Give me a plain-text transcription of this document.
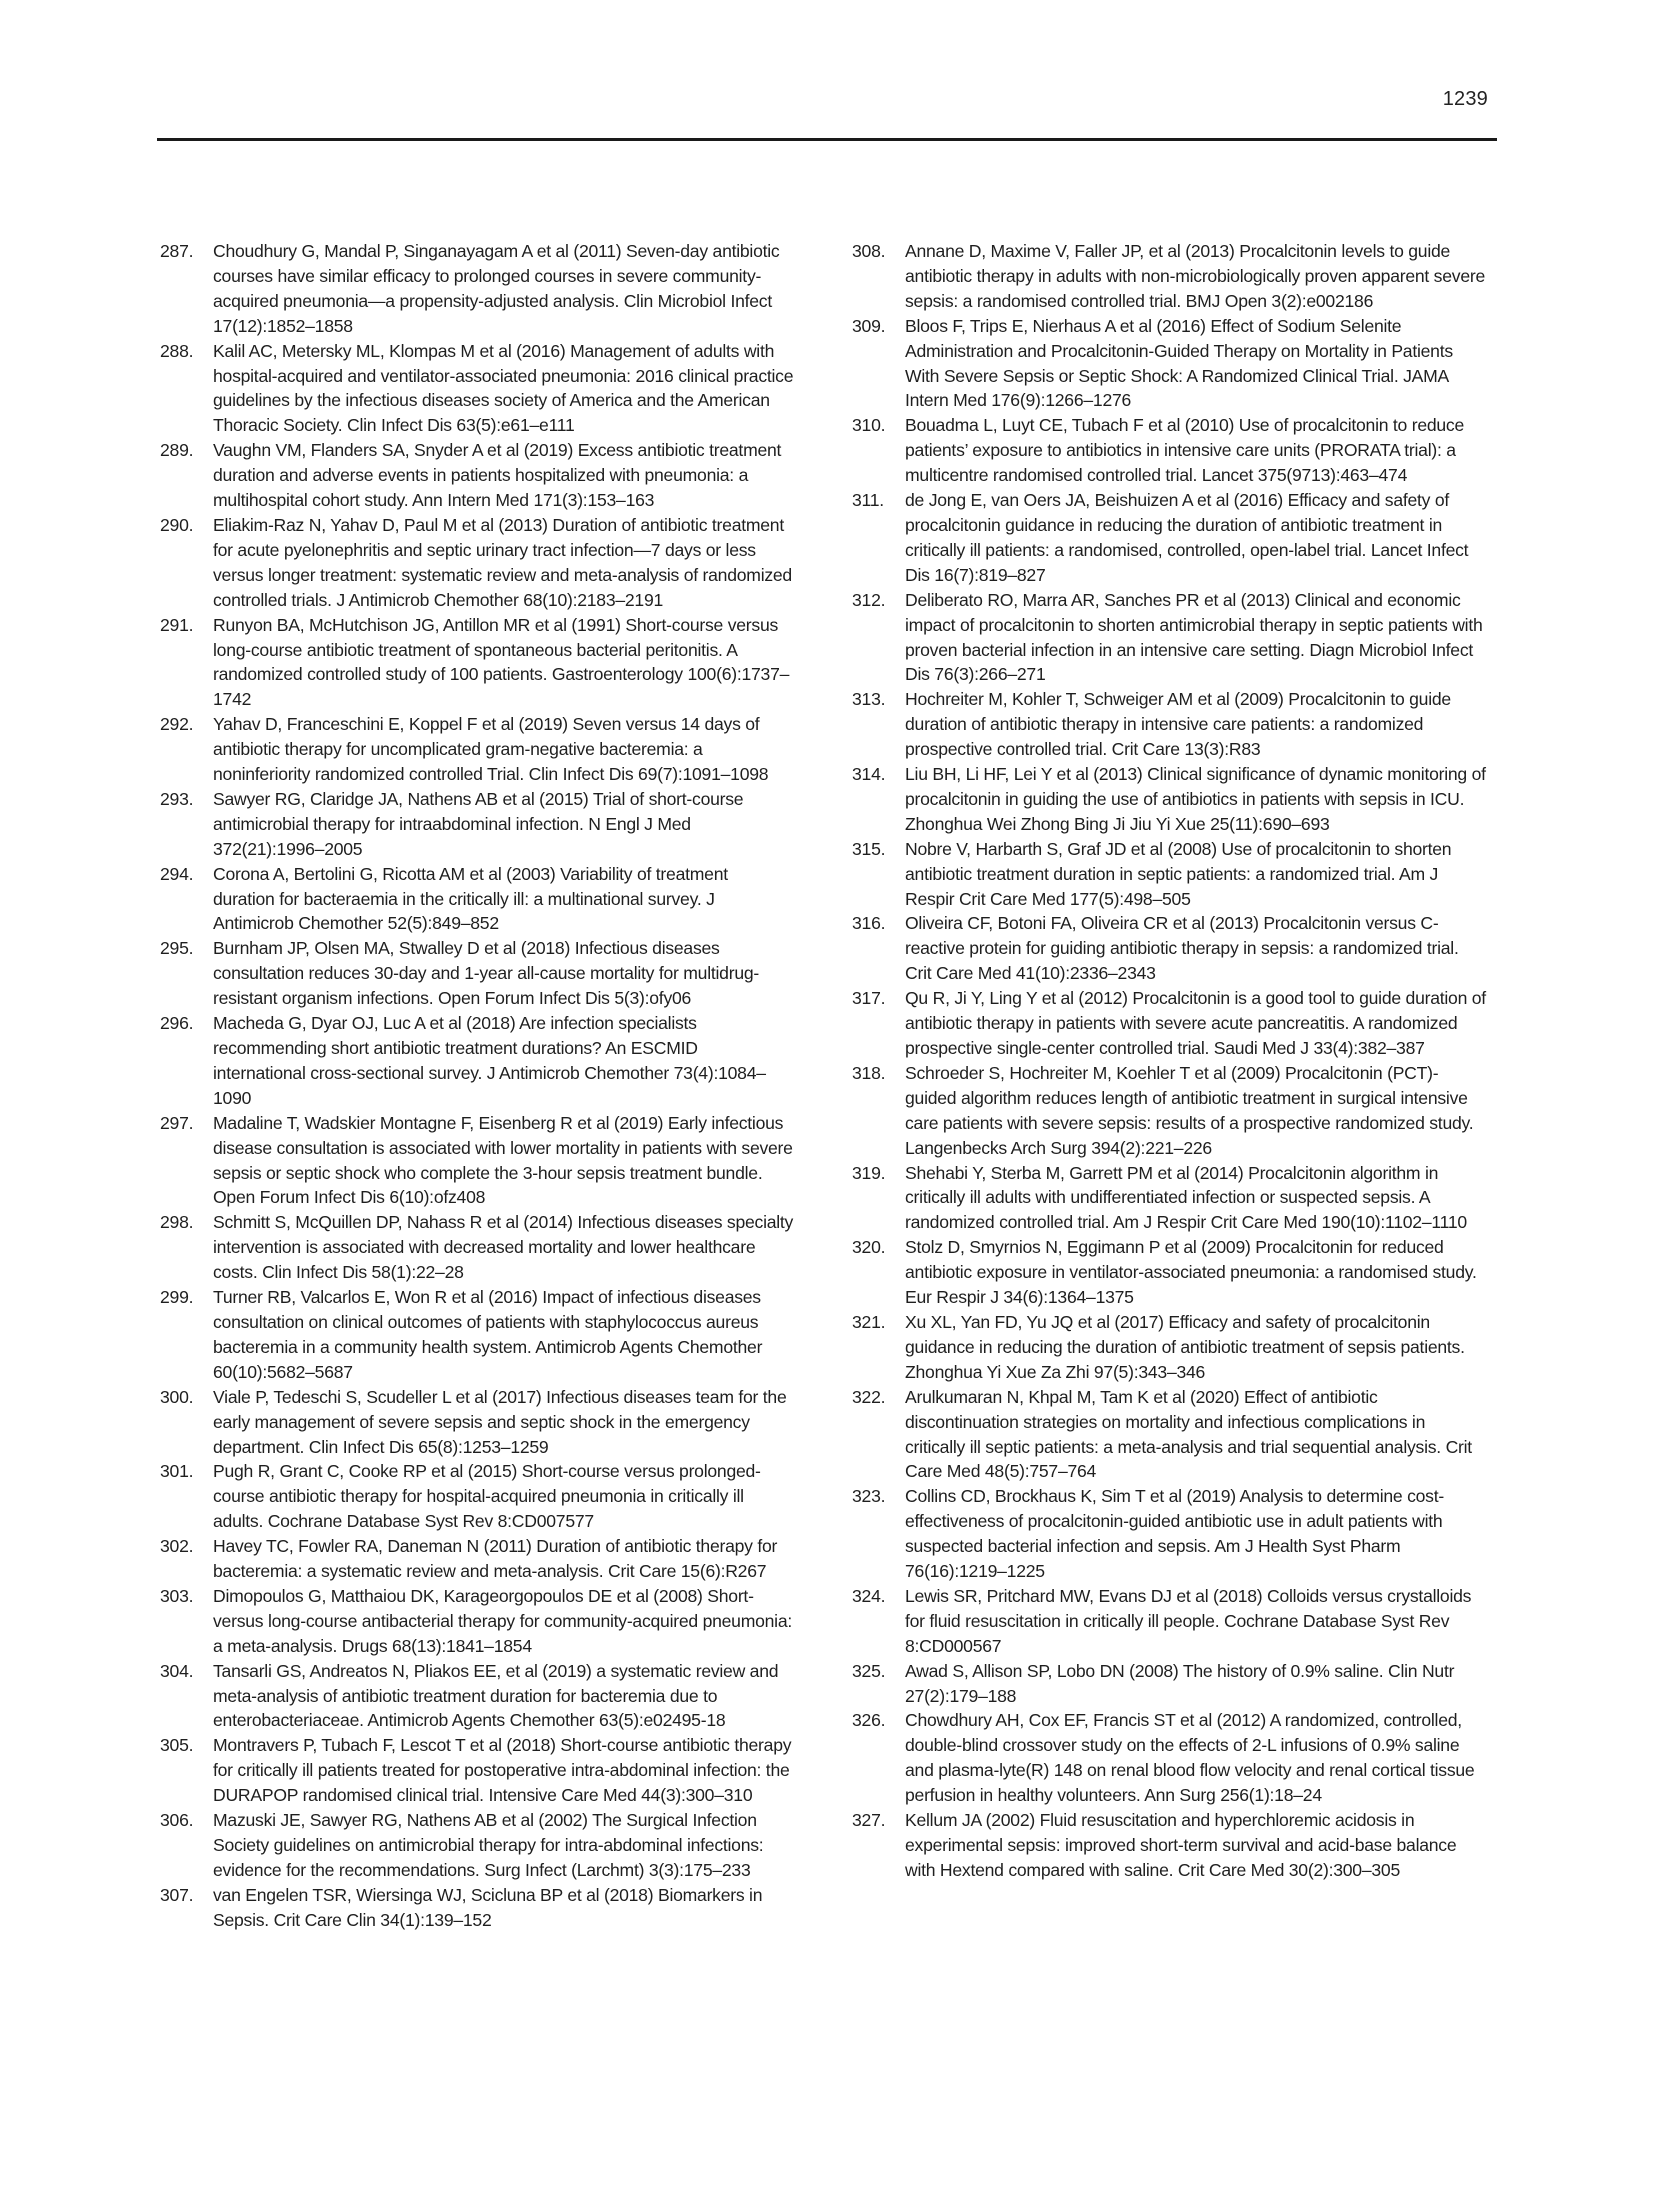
1239
287.	Choudhury G, Mandal P, Singanayagam A et al (2011) Seven-day antibiotic courses have similar efficacy to prolonged courses in severe community-acquired pneumonia—a propensity-adjusted analysis. Clin Microbiol Infect 17(12):1852–1858
288.	Kalil AC, Metersky ML, Klompas M et al (2016) Management of adults with hospital-acquired and ventilator-associated pneumonia: 2016 clinical practice guidelines by the infectious diseases society of America and the American Thoracic Society. Clin Infect Dis 63(5):e61–e111
289.	Vaughn VM, Flanders SA, Snyder A et al (2019) Excess antibiotic treatment duration and adverse events in patients hospitalized with pneumonia: a multihospital cohort study. Ann Intern Med 171(3):153–163
290.	Eliakim-Raz N, Yahav D, Paul M et al (2013) Duration of antibiotic treatment for acute pyelonephritis and septic urinary tract infection—7 days or less versus longer treatment: systematic review and meta-analysis of randomized controlled trials. J Antimicrob Chemother 68(10):2183–2191
291.	Runyon BA, McHutchison JG, Antillon MR et al (1991) Short-course versus long-course antibiotic treatment of spontaneous bacterial peritonitis. A randomized controlled study of 100 patients. Gastroenterology 100(6):1737–1742
292.	Yahav D, Franceschini E, Koppel F et al (2019) Seven versus 14 days of antibiotic therapy for uncomplicated gram-negative bacteremia: a noninferiority randomized controlled Trial. Clin Infect Dis 69(7):1091–1098
293.	Sawyer RG, Claridge JA, Nathens AB et al (2015) Trial of short-course antimicrobial therapy for intraabdominal infection. N Engl J Med 372(21):1996–2005
294.	Corona A, Bertolini G, Ricotta AM et al (2003) Variability of treatment duration for bacteraemia in the critically ill: a multinational survey. J Antimicrob Chemother 52(5):849–852
295.	Burnham JP, Olsen MA, Stwalley D et al (2018) Infectious diseases consultation reduces 30-day and 1-year all-cause mortality for multidrug-resistant organism infections. Open Forum Infect Dis 5(3):ofy06
296.	Macheda G, Dyar OJ, Luc A et al (2018) Are infection specialists recommending short antibiotic treatment durations? An ESCMID international cross-sectional survey. J Antimicrob Chemother 73(4):1084–1090
297.	Madaline T, Wadskier Montagne F, Eisenberg R et al (2019) Early infectious disease consultation is associated with lower mortality in patients with severe sepsis or septic shock who complete the 3-hour sepsis treatment bundle. Open Forum Infect Dis 6(10):ofz408
298.	Schmitt S, McQuillen DP, Nahass R et al (2014) Infectious diseases specialty intervention is associated with decreased mortality and lower healthcare costs. Clin Infect Dis 58(1):22–28
299.	Turner RB, Valcarlos E, Won R et al (2016) Impact of infectious diseases consultation on clinical outcomes of patients with staphylococcus aureus bacteremia in a community health system. Antimicrob Agents Chemother 60(10):5682–5687
300.	Viale P, Tedeschi S, Scudeller L et al (2017) Infectious diseases team for the early management of severe sepsis and septic shock in the emergency department. Clin Infect Dis 65(8):1253–1259
301.	Pugh R, Grant C, Cooke RP et al (2015) Short-course versus prolonged-course antibiotic therapy for hospital-acquired pneumonia in critically ill adults. Cochrane Database Syst Rev 8:CD007577
302.	Havey TC, Fowler RA, Daneman N (2011) Duration of antibiotic therapy for bacteremia: a systematic review and meta-analysis. Crit Care 15(6):R267
303.	Dimopoulos G, Matthaiou DK, Karageorgopoulos DE et al (2008) Short- versus long-course antibacterial therapy for community-acquired pneumonia: a meta-analysis. Drugs 68(13):1841–1854
304.	Tansarli GS, Andreatos N, Pliakos EE, et al (2019) a systematic review and meta-analysis of antibiotic treatment duration for bacteremia due to enterobacteriaceae. Antimicrob Agents Chemother 63(5):e02495-18
305.	Montravers P, Tubach F, Lescot T et al (2018) Short-course antibiotic therapy for critically ill patients treated for postoperative intra-abdominal infection: the DURAPOP randomised clinical trial. Intensive Care Med 44(3):300–310
306.	Mazuski JE, Sawyer RG, Nathens AB et al (2002) The Surgical Infection Society guidelines on antimicrobial therapy for intra-abdominal infections: evidence for the recommendations. Surg Infect (Larchmt) 3(3):175–233
307.	van Engelen TSR, Wiersinga WJ, Scicluna BP et al (2018) Biomarkers in Sepsis. Crit Care Clin 34(1):139–152
308.	Annane D, Maxime V, Faller JP, et al (2013) Procalcitonin levels to guide antibiotic therapy in adults with non-microbiologically proven apparent severe sepsis: a randomised controlled trial. BMJ Open 3(2):e002186
309.	Bloos F, Trips E, Nierhaus A et al (2016) Effect of Sodium Selenite Administration and Procalcitonin-Guided Therapy on Mortality in Patients With Severe Sepsis or Septic Shock: A Randomized Clinical Trial. JAMA Intern Med 176(9):1266–1276
310.	Bouadma L, Luyt CE, Tubach F et al (2010) Use of procalcitonin to reduce patients’ exposure to antibiotics in intensive care units (PRORATA trial): a multicentre randomised controlled trial. Lancet 375(9713):463–474
311.	de Jong E, van Oers JA, Beishuizen A et al (2016) Efficacy and safety of procalcitonin guidance in reducing the duration of antibiotic treatment in critically ill patients: a randomised, controlled, open-label trial. Lancet Infect Dis 16(7):819–827
312.	Deliberato RO, Marra AR, Sanches PR et al (2013) Clinical and economic impact of procalcitonin to shorten antimicrobial therapy in septic patients with proven bacterial infection in an intensive care setting. Diagn Microbiol Infect Dis 76(3):266–271
313.	Hochreiter M, Kohler T, Schweiger AM et al (2009) Procalcitonin to guide duration of antibiotic therapy in intensive care patients: a randomized prospective controlled trial. Crit Care 13(3):R83
314.	Liu BH, Li HF, Lei Y et al (2013) Clinical significance of dynamic monitoring of procalcitonin in guiding the use of antibiotics in patients with sepsis in ICU. Zhonghua Wei Zhong Bing Ji Jiu Yi Xue 25(11):690–693
315.	Nobre V, Harbarth S, Graf JD et al (2008) Use of procalcitonin to shorten antibiotic treatment duration in septic patients: a randomized trial. Am J Respir Crit Care Med 177(5):498–505
316.	Oliveira CF, Botoni FA, Oliveira CR et al (2013) Procalcitonin versus C-reactive protein for guiding antibiotic therapy in sepsis: a randomized trial. Crit Care Med 41(10):2336–2343
317.	Qu R, Ji Y, Ling Y et al (2012) Procalcitonin is a good tool to guide duration of antibiotic therapy in patients with severe acute pancreatitis. A randomized prospective single-center controlled trial. Saudi Med J 33(4):382–387
318.	Schroeder S, Hochreiter M, Koehler T et al (2009) Procalcitonin (PCT)-guided algorithm reduces length of antibiotic treatment in surgical intensive care patients with severe sepsis: results of a prospective randomized study. Langenbecks Arch Surg 394(2):221–226
319.	Shehabi Y, Sterba M, Garrett PM et al (2014) Procalcitonin algorithm in critically ill adults with undifferentiated infection or suspected sepsis. A randomized controlled trial. Am J Respir Crit Care Med 190(10):1102–1110
320.	Stolz D, Smyrnios N, Eggimann P et al (2009) Procalcitonin for reduced antibiotic exposure in ventilator-associated pneumonia: a randomised study. Eur Respir J 34(6):1364–1375
321.	Xu XL, Yan FD, Yu JQ et al (2017) Efficacy and safety of procalcitonin guidance in reducing the duration of antibiotic treatment of sepsis patients. Zhonghua Yi Xue Za Zhi 97(5):343–346
322.	Arulkumaran N, Khpal M, Tam K et al (2020) Effect of antibiotic discontinuation strategies on mortality and infectious complications in critically ill septic patients: a meta-analysis and trial sequential analysis. Crit Care Med 48(5):757–764
323.	Collins CD, Brockhaus K, Sim T et al (2019) Analysis to determine cost-effectiveness of procalcitonin-guided antibiotic use in adult patients with suspected bacterial infection and sepsis. Am J Health Syst Pharm 76(16):1219–1225
324.	Lewis SR, Pritchard MW, Evans DJ et al (2018) Colloids versus crystalloids for fluid resuscitation in critically ill people. Cochrane Database Syst Rev 8:CD000567
325.	Awad S, Allison SP, Lobo DN (2008) The history of 0.9% saline. Clin Nutr 27(2):179–188
326.	Chowdhury AH, Cox EF, Francis ST et al (2012) A randomized, controlled, double-blind crossover study on the effects of 2-L infusions of 0.9% saline and plasma-lyte(R) 148 on renal blood flow velocity and renal cortical tissue perfusion in healthy volunteers. Ann Surg 256(1):18–24
327.	Kellum JA (2002) Fluid resuscitation and hyperchloremic acidosis in experimental sepsis: improved short-term survival and acid-base balance with Hextend compared with saline. Crit Care Med 30(2):300–305
